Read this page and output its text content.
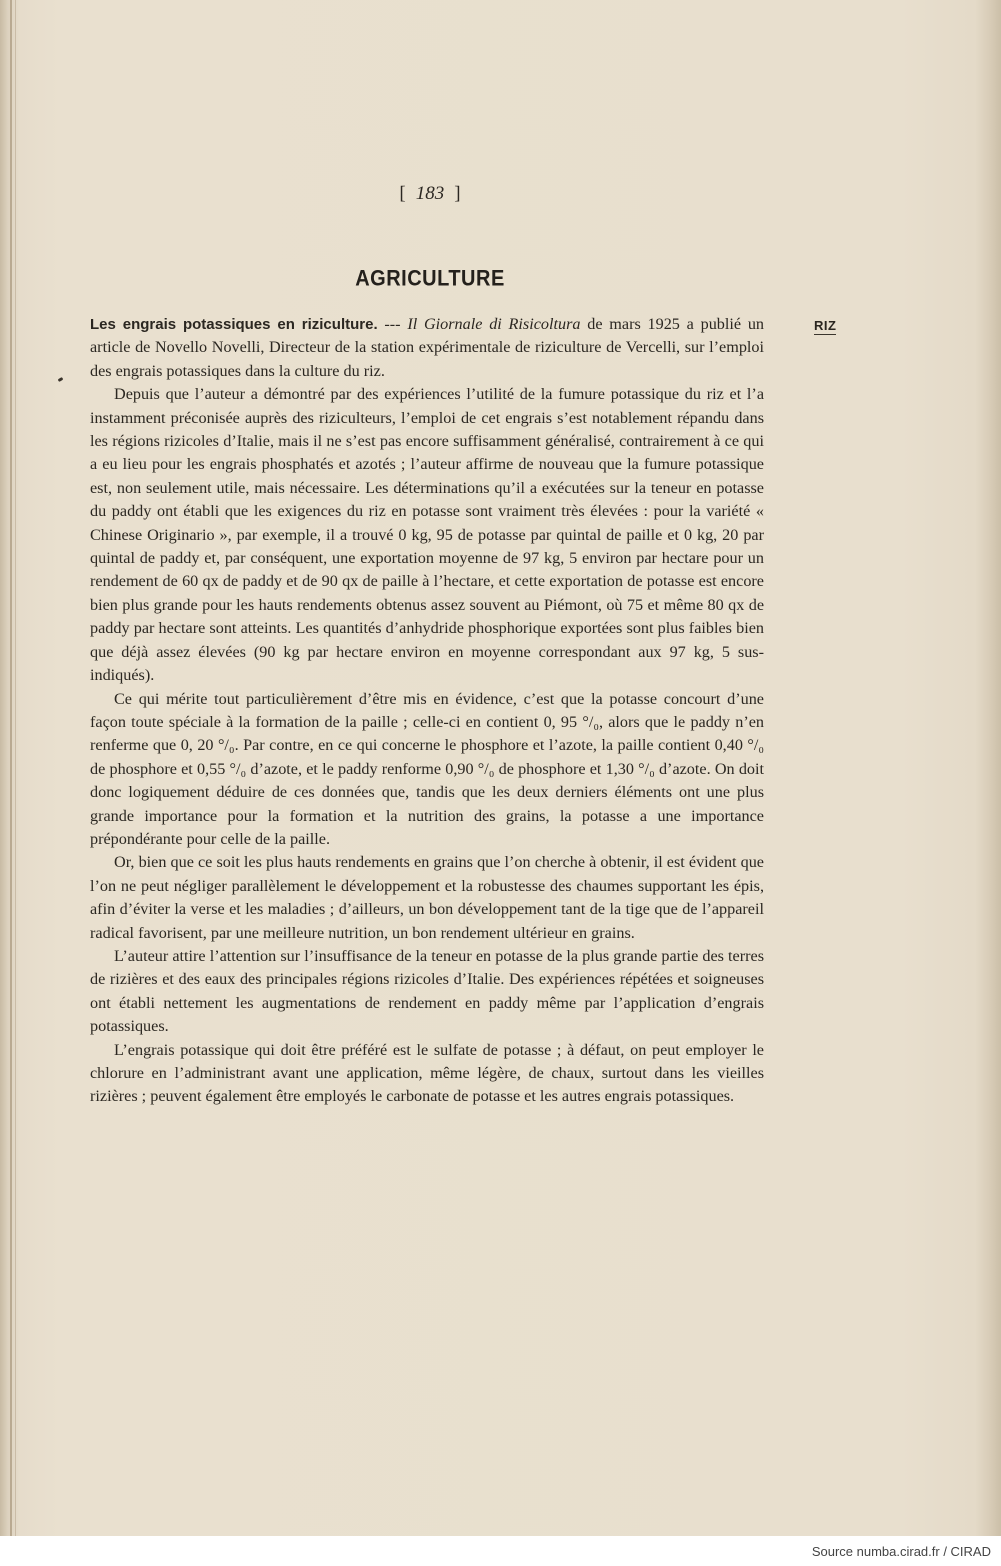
[ 183 ]
AGRICULTURE
RIZ

Les engrais potassiques en riziculture. --- Il Giornale di Risicoltura de mars 1925 a publié un article de Novello Novelli, Directeur de la station expérimentale de riziculture de Vercelli, sur l’emploi des engrais potassiques dans la culture du riz.

Depuis que l’auteur a démontré par des expériences l’utilité de la fumure potassique du riz et l’a instamment préconisée auprès des riziculteurs, l’emploi de cet engrais s’est notablement répandu dans les régions rizicoles d’Italie, mais il ne s’est pas encore suffisamment généralisé, contrairement à ce qui a eu lieu pour les engrais phosphatés et azotés ; l’auteur affirme de nouveau que la fumure potassique est, non seulement utile, mais nécessaire. Les déterminations qu’il a exécutées sur la teneur en potasse du paddy ont établi que les exigences du riz en potasse sont vraiment très élevées : pour la variété « Chinese Originario », par exemple, il a trouvé 0 kg, 95 de potasse par quintal de paille et 0 kg, 20 par quintal de paddy et, par conséquent, une exportation moyenne de 97 kg, 5 environ par hectare pour un rendement de 60 qx de paddy et de 90 qx de paille à l’hectare, et cette exportation de potasse est encore bien plus grande pour les hauts rendements obtenus assez souvent au Piémont, où 75 et même 80 qx de paddy par hectare sont atteints. Les quantités d’anhydride phosphorique exportées sont plus faibles bien que déjà assez élevées (90 kg par hectare environ en moyenne correspondant aux 97 kg, 5 sus-indiqués).

Ce qui mérite tout particulièrement d’être mis en évidence, c’est que la potasse concourt d’une façon toute spéciale à la formation de la paille ; celle-ci en contient 0, 95 °/₀, alors que le paddy n’en renferme que 0, 20 °/₀. Par contre, en ce qui concerne le phosphore et l’azote, la paille contient 0,40 °/₀ de phosphore et 0,55 °/₀ d’azote, et le paddy renforme 0,90 °/₀ de phosphore et 1,30 °/₀ d’azote. On doit donc logiquement déduire de ces données que, tandis que les deux derniers éléments ont une plus grande importance pour la formation et la nutrition des grains, la potasse a une importance prépondérante pour celle de la paille.

Or, bien que ce soit les plus hauts rendements en grains que l’on cherche à obtenir, il est évident que l’on ne peut négliger parallèlement le développement et la robustesse des chaumes supportant les épis, afin d’éviter la verse et les maladies ; d’ailleurs, un bon développement tant de la tige que de l’appareil radical favorisent, par une meilleure nutrition, un bon rendement ultérieur en grains.

L’auteur attire l’attention sur l’insuffisance de la teneur en potasse de la plus grande partie des terres de rizières et des eaux des principales régions rizicoles d’Italie. Des expériences répétées et soigneuses ont établi nettement les augmentations de rendement en paddy même par l’application d’engrais potassiques.

L’engrais potassique qui doit être préféré est le sulfate de potasse ; à défaut, on peut employer le chlorure en l’administrant avant une application, même légère, de chaux, surtout dans les vieilles rizières ; peuvent également être employés le carbonate de potasse et les autres engrais potassiques.

Source numba.cirad.fr / CIRAD
